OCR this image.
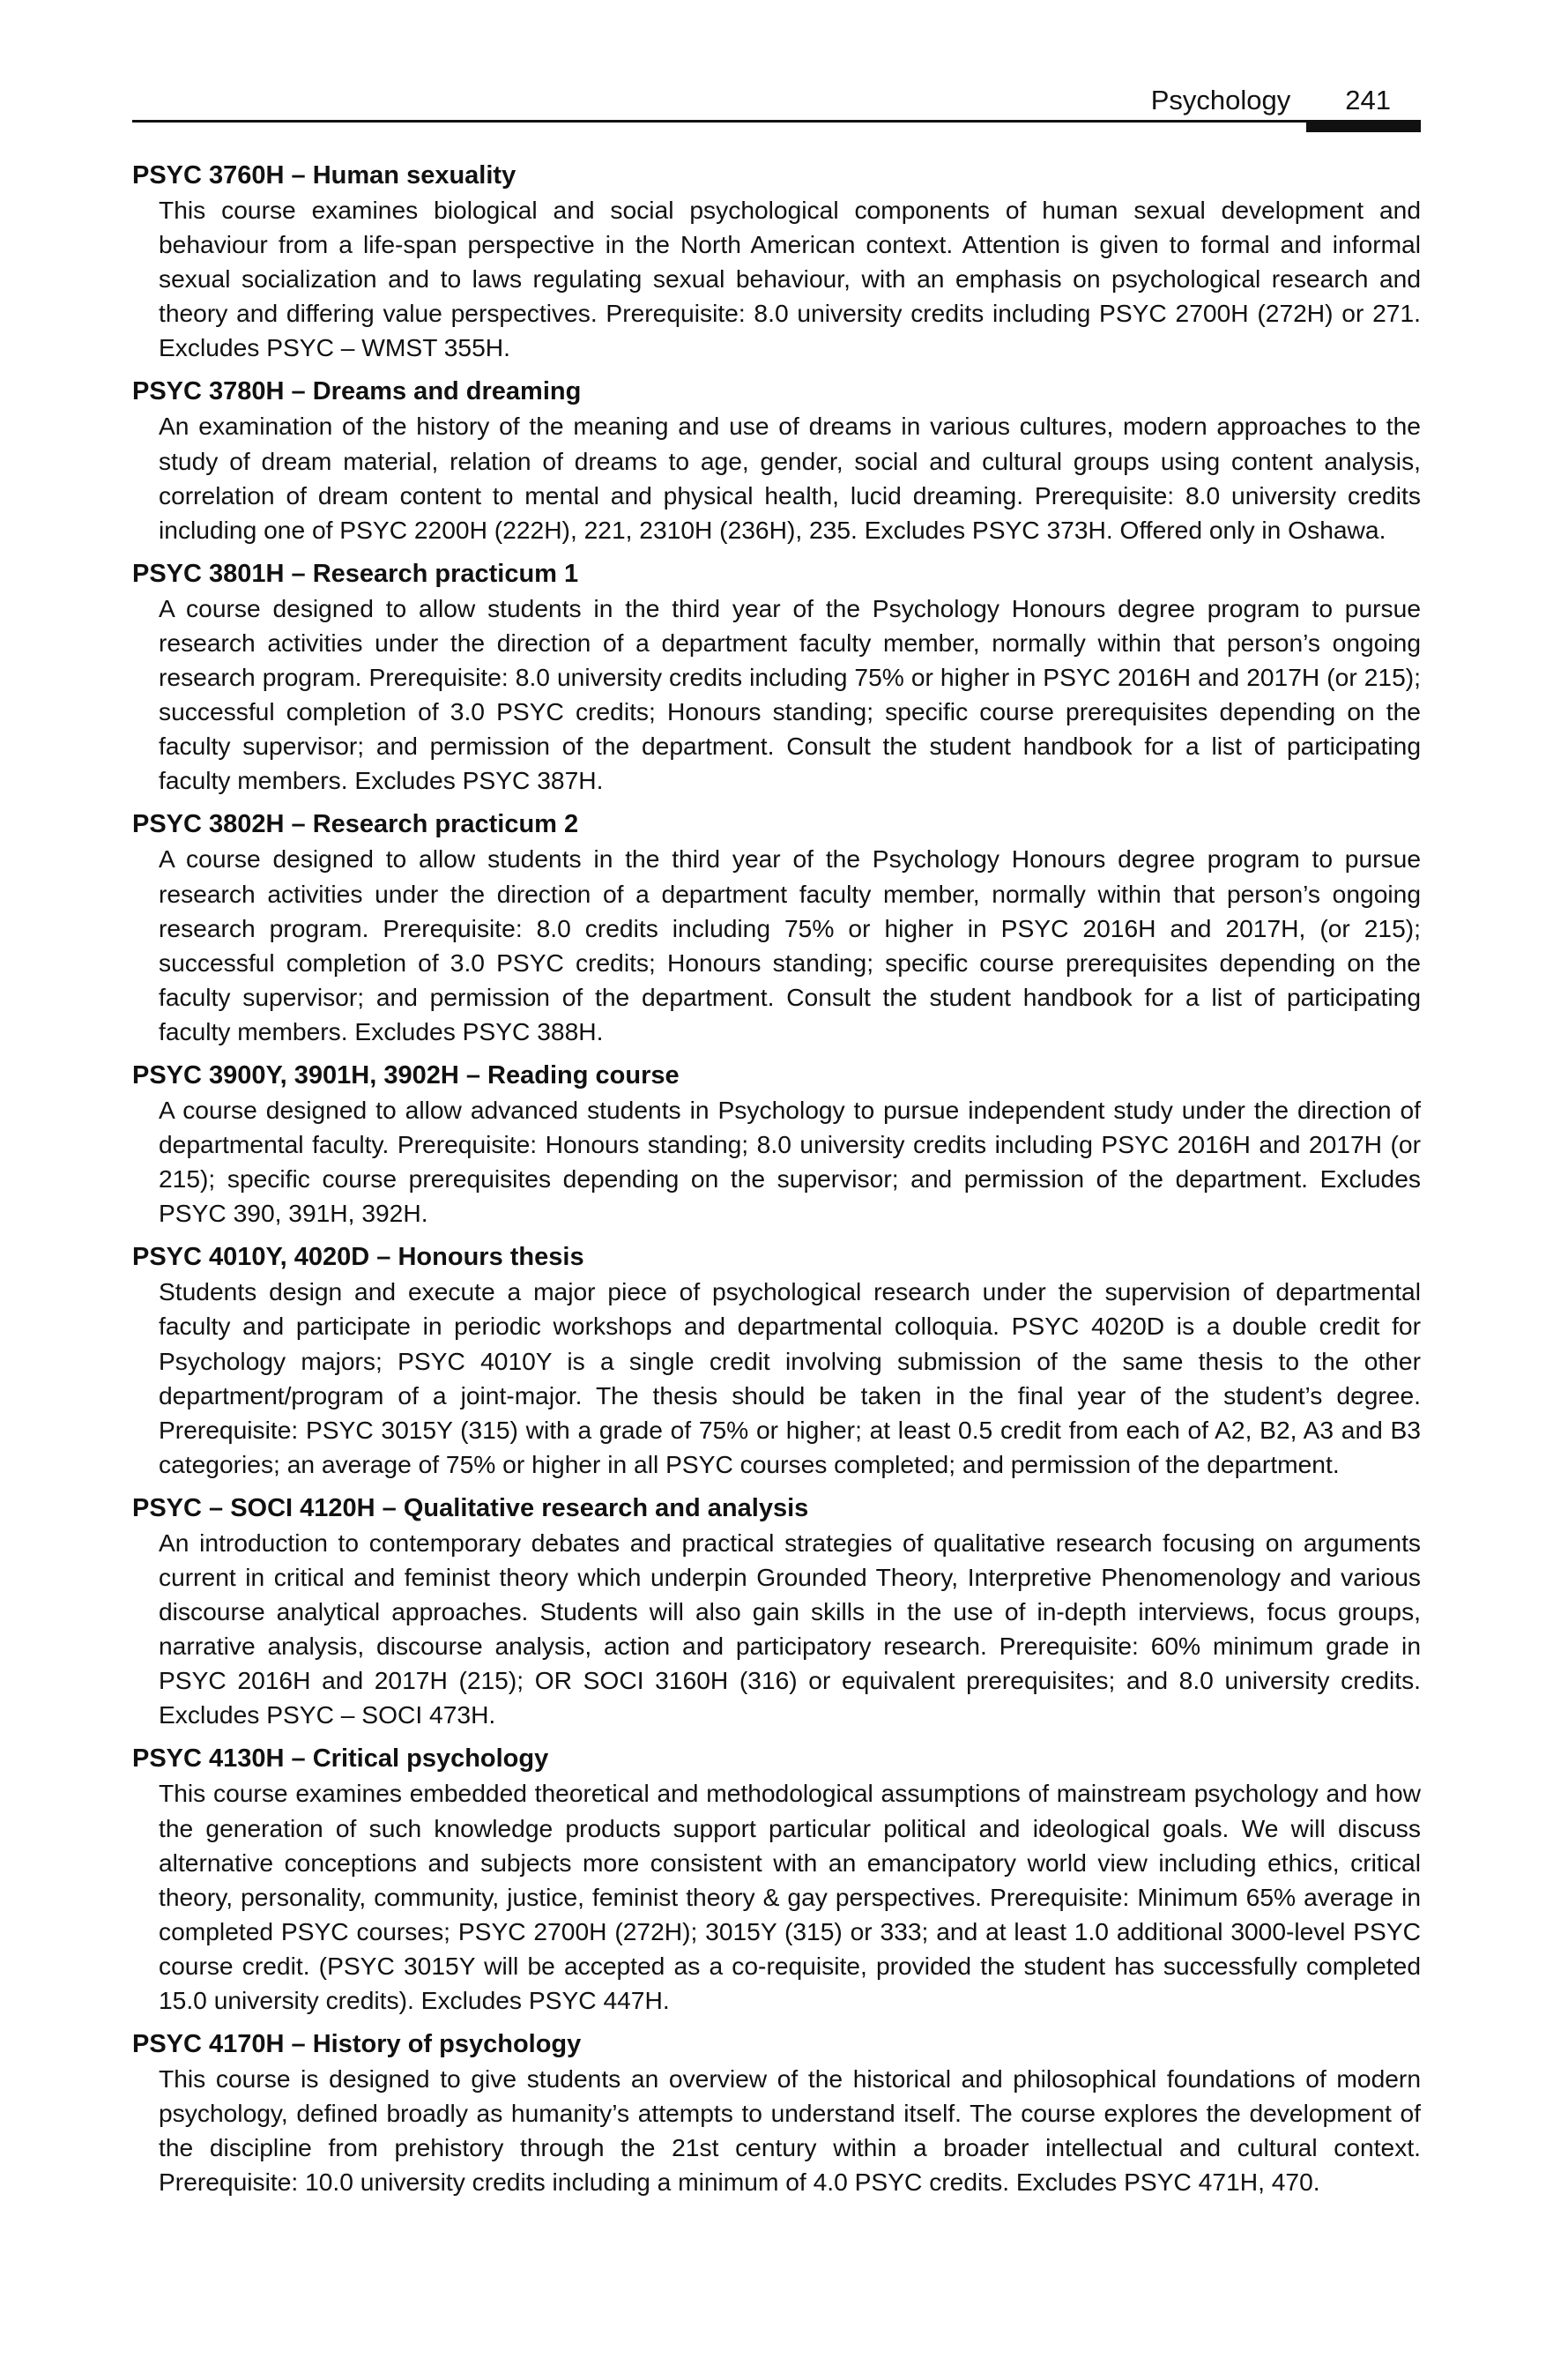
Psychology 241
PSYC 3760H – Human sexuality
This course examines biological and social psychological components of human sexual development and behaviour from a life-span perspective in the North American context. Attention is given to formal and informal sexual socialization and to laws regulating sexual behaviour, with an emphasis on psychological research and theory and differing value perspectives. Prerequisite: 8.0 university credits including PSYC 2700H (272H) or 271. Excludes PSYC – WMST 355H.
PSYC 3780H – Dreams and dreaming
An examination of the history of the meaning and use of dreams in various cultures, modern approaches to the study of dream material, relation of dreams to age, gender, social and cultural groups using content analysis, correlation of dream content to mental and physical health, lucid dreaming. Prerequisite: 8.0 university credits including one of PSYC 2200H (222H), 221, 2310H (236H), 235. Excludes PSYC 373H. Offered only in Oshawa.
PSYC 3801H – Research practicum 1
A course designed to allow students in the third year of the Psychology Honours degree program to pursue research activities under the direction of a department faculty member, normally within that person’s ongoing research program. Prerequisite: 8.0 university credits including 75% or higher in PSYC 2016H and 2017H (or 215); successful completion of 3.0 PSYC credits; Honours standing; specific course prerequisites depending on the faculty supervisor; and permission of the department. Consult the student handbook for a list of participating faculty members. Excludes PSYC 387H.
PSYC 3802H – Research practicum 2
A course designed to allow students in the third year of the Psychology Honours degree program to pursue research activities under the direction of a department faculty member, normally within that person’s ongoing research program. Prerequisite: 8.0 credits including 75% or higher in PSYC 2016H and 2017H, (or 215); successful completion of 3.0 PSYC credits; Honours standing; specific course prerequisites depending on the faculty supervisor; and permission of the department. Consult the student handbook for a list of participating faculty members. Excludes PSYC 388H.
PSYC 3900Y, 3901H, 3902H – Reading course
A course designed to allow advanced students in Psychology to pursue independent study under the direction of departmental faculty. Prerequisite: Honours standing; 8.0 university credits including PSYC 2016H and 2017H (or 215); specific course prerequisites depending on the supervisor; and permission of the department. Excludes PSYC 390, 391H, 392H.
PSYC 4010Y, 4020D – Honours thesis
Students design and execute a major piece of psychological research under the supervision of departmental faculty and participate in periodic workshops and departmental colloquia. PSYC 4020D is a double credit for Psychology majors; PSYC 4010Y is a single credit involving submission of the same thesis to the other department/program of a joint-major. The thesis should be taken in the final year of the student’s degree. Prerequisite: PSYC 3015Y (315) with a grade of 75% or higher; at least 0.5 credit from each of A2, B2, A3 and B3 categories; an average of 75% or higher in all PSYC courses completed; and permission of the department.
PSYC – SOCI 4120H – Qualitative research and analysis
An introduction to contemporary debates and practical strategies of qualitative research focusing on arguments current in critical and feminist theory which underpin Grounded Theory, Interpretive Phenomenology and various discourse analytical approaches. Students will also gain skills in the use of in-depth interviews, focus groups, narrative analysis, discourse analysis, action and participatory research. Prerequisite: 60% minimum grade in PSYC 2016H and 2017H (215); OR SOCI 3160H (316) or equivalent prerequisites; and 8.0 university credits. Excludes PSYC – SOCI 473H.
PSYC 4130H – Critical psychology
This course examines embedded theoretical and methodological assumptions of mainstream psychology and how the generation of such knowledge products support particular political and ideological goals. We will discuss alternative conceptions and subjects more consistent with an emancipatory world view including ethics, critical theory, personality, community, justice, feminist theory & gay perspectives. Prerequisite: Minimum 65% average in completed PSYC courses; PSYC 2700H (272H); 3015Y (315) or 333; and at least 1.0 additional 3000-level PSYC course credit. (PSYC 3015Y will be accepted as a co-requisite, provided the student has successfully completed 15.0 university credits). Excludes PSYC 447H.
PSYC 4170H – History of psychology
This course is designed to give students an overview of the historical and philosophical foundations of modern psychology, defined broadly as humanity’s attempts to understand itself. The course explores the development of the discipline from prehistory through the 21st century within a broader intellectual and cultural context. Prerequisite: 10.0 university credits including a minimum of 4.0 PSYC credits. Excludes PSYC 471H, 470.
